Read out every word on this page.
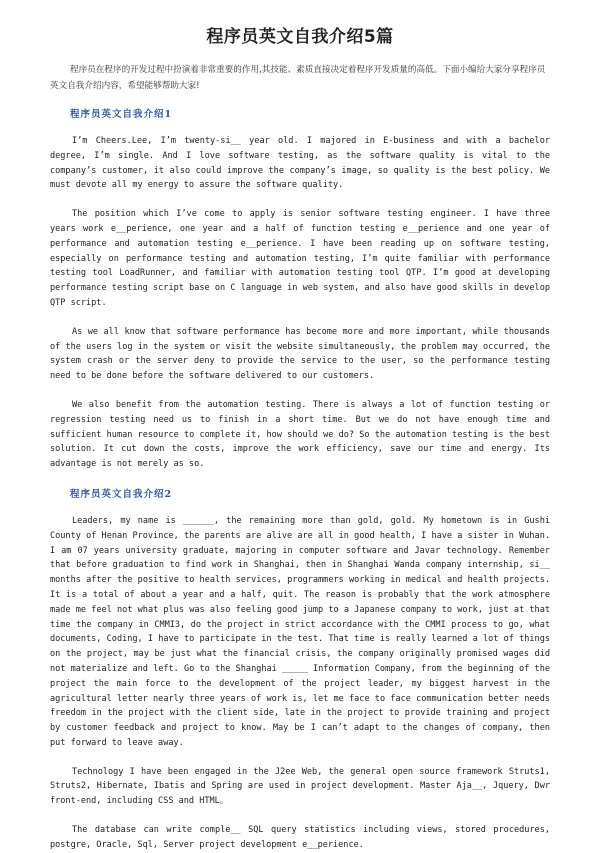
程序员英文自我介绍5篇

程序员在程序的开发过程中扮演着非常重要的作用,其技能、素质直接决定着程序开发质量的高低。下面小编给大家分享程序员英文自我介绍内容，希望能够帮助大家!

程序员英文自我介绍1

I’m Cheers.Lee, I’m twenty-si__ year old. I majored in E-business and with a bachelor degree, I’m single. And I love software testing, as the software quality is vital to the company’s customer, it also could improve the company’s image, so quality is the best policy. We must devote all my energy to assure the software quality.

The position which I’ve come to apply is senior software testing engineer. I have three years work e__perience, one year and a half of function testing e__perience and one year of performance and automation testing e__perience. I have been reading up on software testing, especially on performance testing and automation testing, I’m quite familiar with performance testing tool LoadRunner, and familiar with automation testing tool QTP. I’m good at developing performance testing script base on C language in web system, and also have good skills in develop QTP script.

As we all know that software performance has become more and more important, while thousands of the users log in the system or visit the website simultaneously, the problem may occurred, the system crash or the server deny to provide the service to the user, so the performance testing need to be done before the software delivered to our customers.

We also benefit from the automation testing. There is always a lot of function testing or regression testing need us to finish in a short time. But we do not have enough time and sufficient human resource to complete it, how should we do? So the automation testing is the best solution. It cut down the costs, improve the work efficiency, save our time and energy. Its advantage is not merely as so.

程序员英文自我介绍2

Leaders, my name is ______, the remaining more than gold, gold. My hometown is in Gushi County of Henan Province, the parents are alive are all in good health, I have a sister in Wuhan. I am 07 years university graduate, majoring in computer software and Javar technology. Remember that before graduation to find work in Shanghai, then in Shanghai Wanda company internship, si__ months after the positive to health services, programmers working in medical and health projects. It is a total of about a year and a half, quit. The reason is probably that the work atmosphere made me feel not what plus was also feeling good jump to a Japanese company to work, just at that time the company in CMMI3, do the project in strict accordance with the CMMI process to go, what documents, Coding, I have to participate in the test. That time is really learned a lot of things on the project, may be just what the financial crisis, the company originally promised wages did not materialize and left. Go to the Shanghai _____ Information Company, from the beginning of the project the main force to the development of the project leader, my biggest harvest in the agricultural letter nearly three years of work is, let me face to face communication better needs freedom in the project with the client side, late in the project to provide training and project by customer feedback and project to know. May be I can’t adapt to the changes of company, then put forward to leave away.

Technology I have been engaged in the J2ee Web, the general open source framework Struts1, Struts2, Hibernate, Ibatis and Spring are used in project development. Master Aja__, Jquery, Dwr front-end, including CSS and HTML。

The database can write comple__ SQL query statistics including views, stored procedures, postgre, Oracle, Sql, Server project development e__perience.
